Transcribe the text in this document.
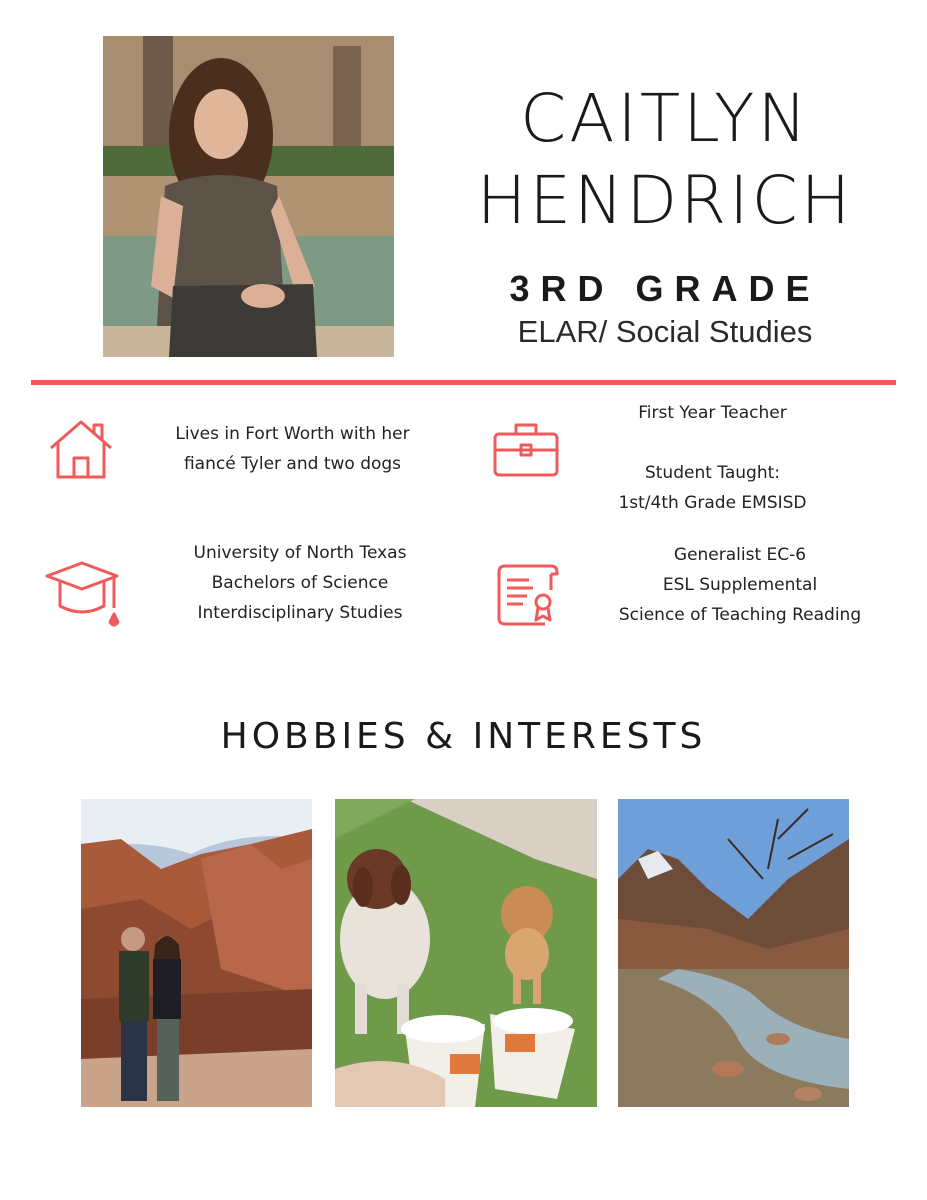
CAITLYN
HENDRICH
3RD GRADE
ELAR/ Social Studies
Lives in Fort Worth with her
fiancé Tyler and two dogs
First Year Teacher
Student Taught:
1st/4th Grade EMSISD
University of North Texas
Bachelors of Science
Interdisciplinary Studies
Generalist EC-6
ESL Supplemental
Science of Teaching Reading
HOBBIES & INTERESTS
